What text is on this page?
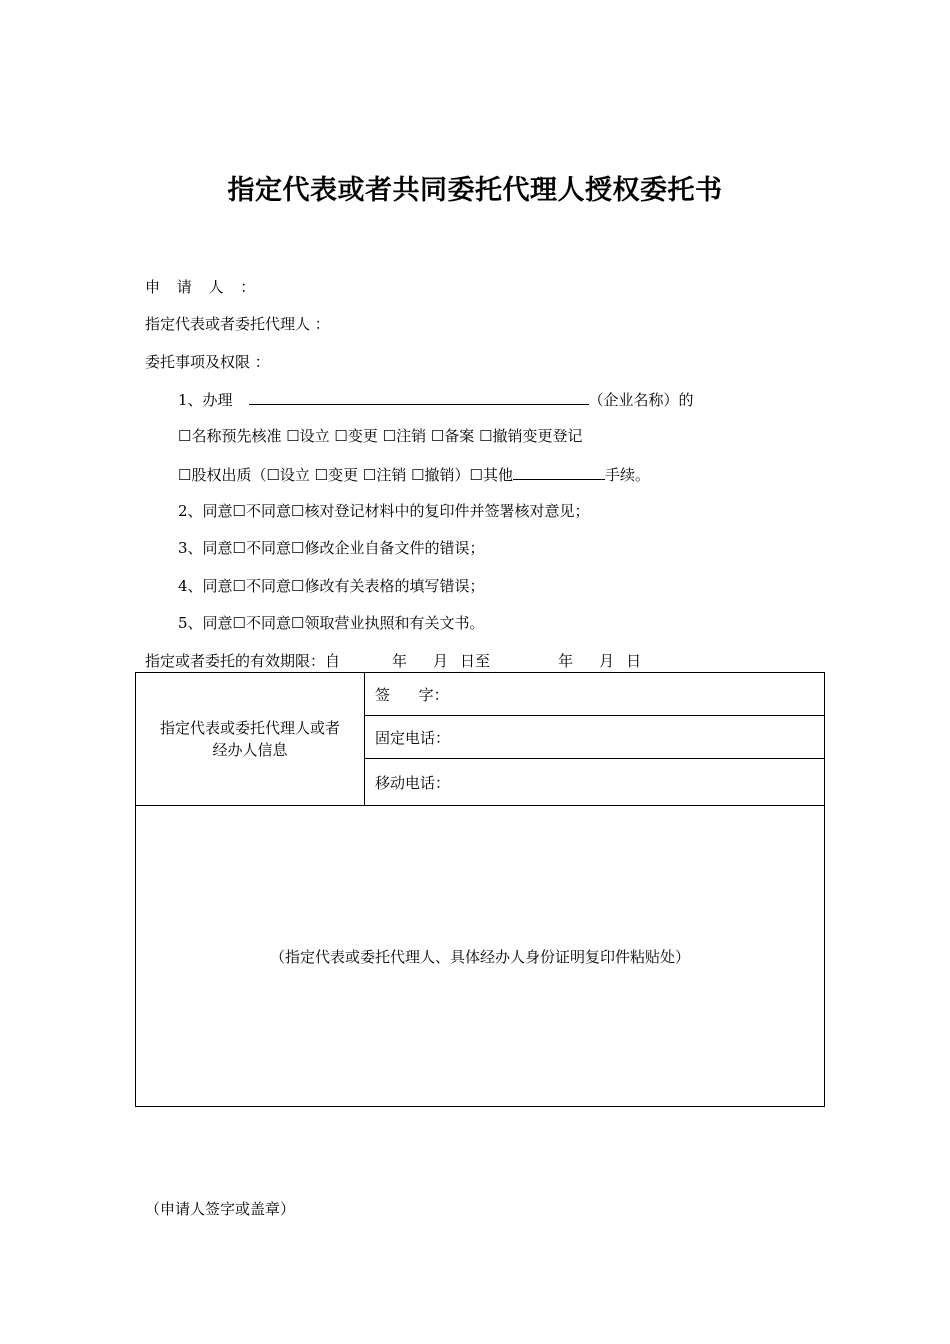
指定代表或者共同委托代理人授权委托书
申 请 人 ：
指定代表或者委托代理人 ：
委托事项及权限 ：
1、办理	（企业名称）的
☐名称预先核准 ☐设立 ☐变更 ☐注销 ☐备案 ☐撤销变更登记
☐股权出质（☐设立 ☐变更 ☐注销 ☐撤销）☐其他	手续。
2、同意☐不同意☐核对登记材料中的复印件并签署核对意见；
3、同意☐不同意☐修改企业自备文件的错误；
4、同意☐不同意☐修改有关表格的填写错误；
5、同意☐不同意☐领取营业执照和有关文书。
指定或者委托的有效期限：自	年 月 日至	年 月 日
指定代表或委托代理人或者
经办人信息
	签      字：
固定电话：
移动电话：
（指定代表或委托代理人、具体经办人身份证明复印件粘贴处）
（申请人签字或盖章）
